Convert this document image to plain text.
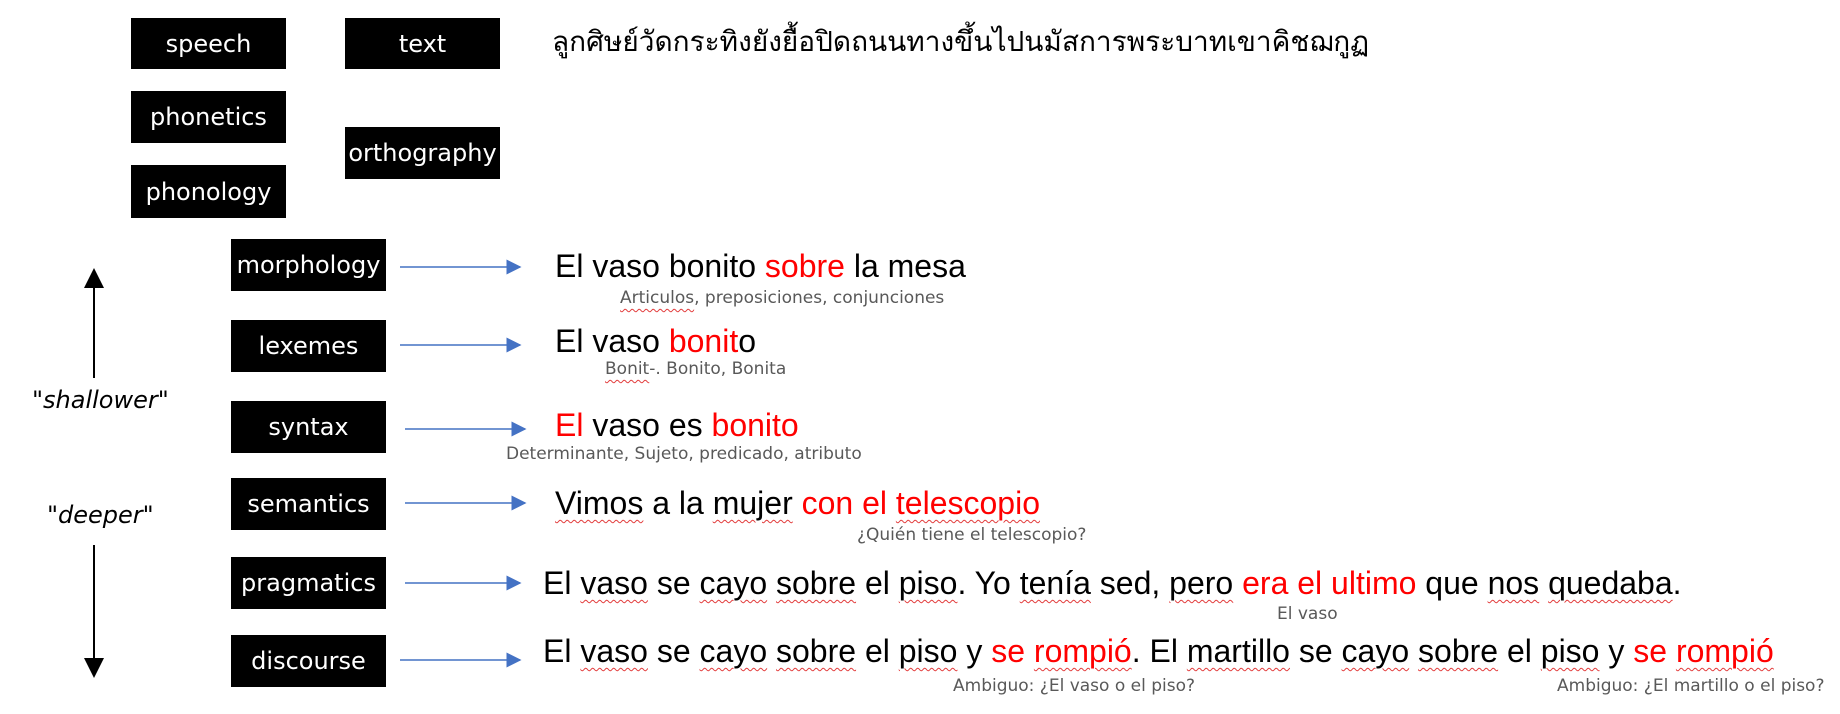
speech	text
phonetics
orthography
phonology
ลูกศิษย์วัดกระทิงยังยื้อปิดถนนทางขึ้นไปนมัสการพระบาทเขาคิชฌกูฏ
"shallower"
"deeper"
morphology	El vaso bonito sobre la mesa
Articulos, preposiciones, conjunciones
lexemes	El vaso bonito
Bonit-. Bonito, Bonita
syntax	El vaso es bonito
Determinante, Sujeto, predicado, atributo
semantics	Vimos a la mujer con el telescopio
¿Quién tiene el telescopio?
pragmatics	El vaso se cayo sobre el piso. Yo tenía sed, pero era el ultimo que nos quedaba.
El vaso
discourse	El vaso se cayo sobre el piso y se rompió. El martillo se cayo sobre el piso y se rompió
Ambiguo: ¿El vaso o el piso?	Ambiguo: ¿El martillo o el piso?
